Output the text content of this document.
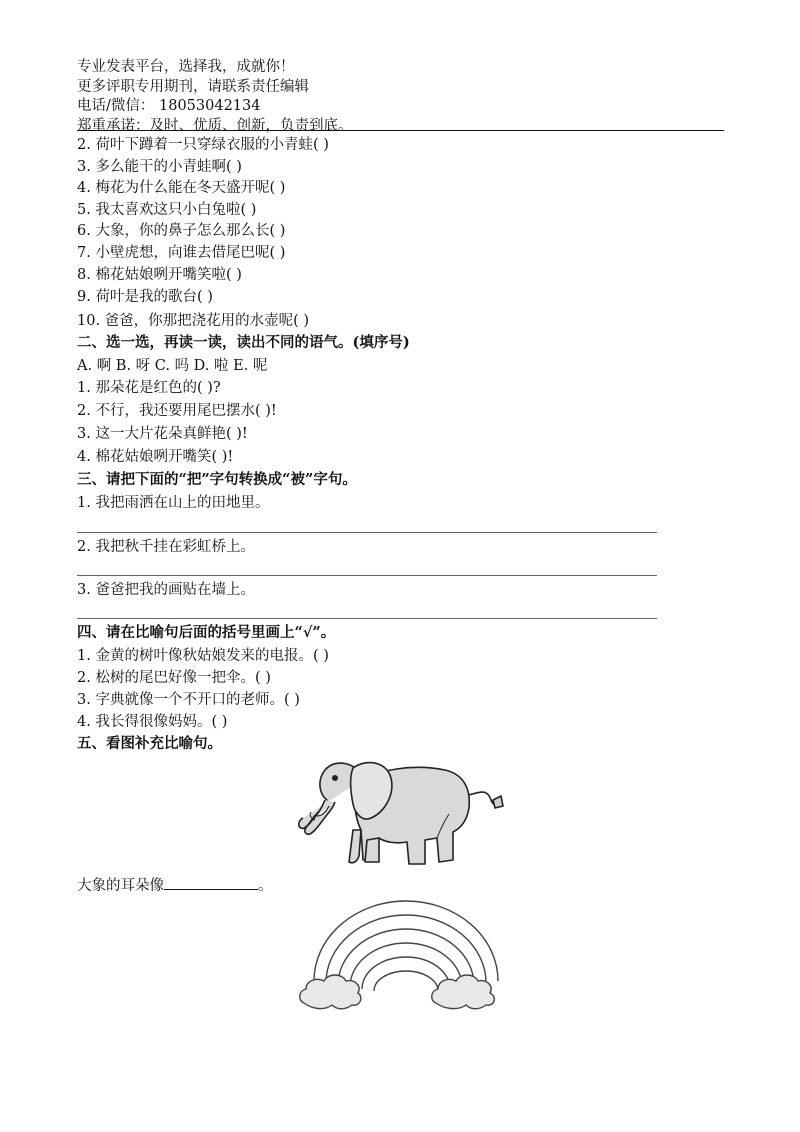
专业发表平台，选择我，成就你！
更多评职专用期刊，请联系责任编辑
电话/微信： 18053042134
郑重承诺：及时、优质、创新，负责到底。
2. 荷叶下蹲着一只穿绿衣服的小青蛙( )
3. 多么能干的小青蛙啊( )
4. 梅花为什么能在冬天盛开呢( )
5. 我太喜欢这只小白兔啦( )
6. 大象，你的鼻子怎么那么长( )
7. 小壁虎想，向谁去借尾巴呢( )
8. 棉花姑娘咧开嘴笑啦( )
9. 荷叶是我的歌台( )
10. 爸爸，你那把浇花用的水壶呢( )
二、选一选，再读一读，读出不同的语气。(填序号)
A. 啊 B. 呀 C. 吗 D. 啦 E. 呢
1. 那朵花是红色的( )?
2. 不行，我还要用尾巴摆水( )!
3. 这一大片花朵真鲜艳( )!
4. 棉花姑娘咧开嘴笑( )!
三、请把下面的“把”字句转换成“被”字句。
1. 我把雨洒在山上的田地里。
2. 我把秋千挂在彩虹桥上。
3. 爸爸把我的画贴在墙上。
四、请在比喻句后面的括号里画上“√”。
1. 金黄的树叶像秋姑娘发来的电报。( )
2. 松树的尾巴好像一把伞。( )
3. 字典就像一个不开口的老师。( )
4. 我长得很像妈妈。( )
五、看图补充比喻句。
大象的耳朵像	。
